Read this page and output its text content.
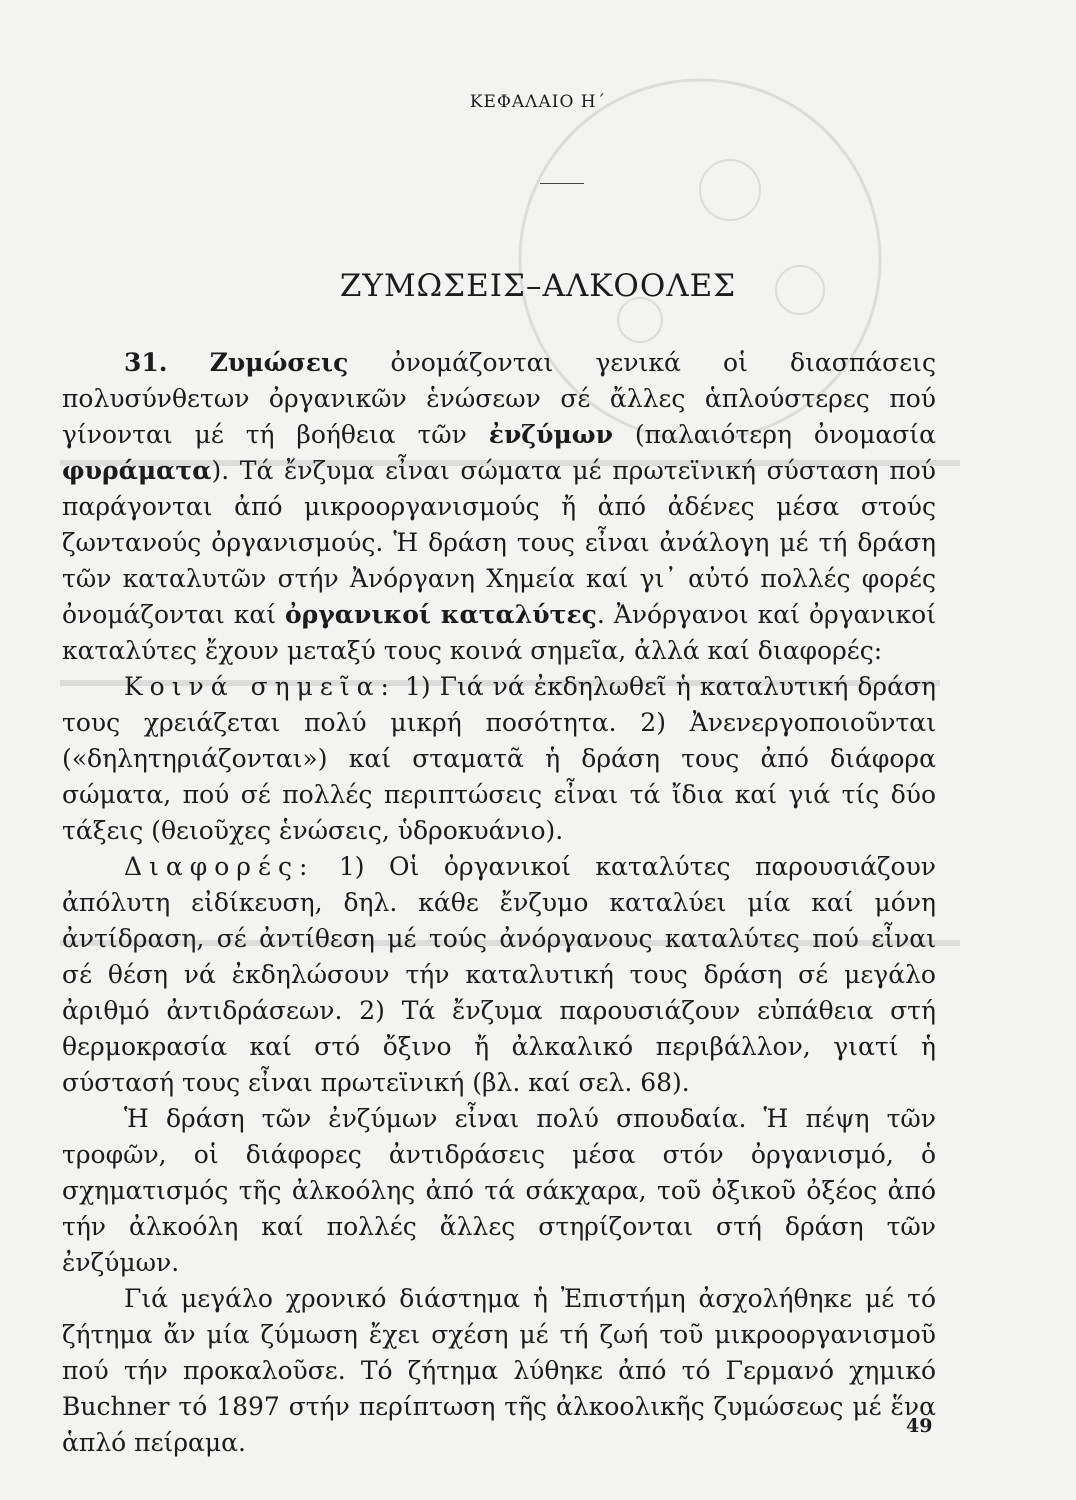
ΚΕΦΑΛΑΙΟ Η΄
ΖΥΜΩΣΕΙΣ–ΑΛΚΟΟΛΕΣ

31. Ζυμώσεις ὀνομάζονται γενικά οἱ διασπάσεις πολυσύνθετων ὀργανικῶν ἑνώσεων σέ ἄλλες ἁπλούστερες πού γίνονται μέ τή βοήθεια τῶν ἐνζύμων (παλαιότερη ὀνομασία φυράματα). Τά ἔνζυμα εἶναι σώματα μέ πρωτεϊνική σύσταση πού παράγονται ἀπό μικροοργανισμούς ἤ ἀπό ἀδένες μέσα στούς ζωντανούς ὀργανισμούς. Ἡ δράση τους εἶναι ἀνάλογη μέ τή δράση τῶν καταλυτῶν στήν Ἀνόργανη Χημεία καί γι᾿ αὐτό πολλές φορές ὀνομάζονται καί ὀργανικοί καταλύτες. Ἀνόργανοι καί ὀργανικοί καταλύτες ἔχουν μεταξύ τους κοινά σημεῖα, ἀλλά καί διαφορές:

Κοινά σημεῖα: 1) Γιά νά ἐκδηλωθεῖ ἡ καταλυτική δράση τους χρειάζεται πολύ μικρή ποσότητα. 2) Ἀνενεργοποιοῦνται («δηλητηριάζονται») καί σταματᾶ ἡ δράση τους ἀπό διάφορα σώματα, πού σέ πολλές περιπτώσεις εἶναι τά ἴδια καί γιά τίς δύο τάξεις (θειοῦχες ἑνώσεις, ὑδροκυάνιο).

Διαφορές: 1) Οἱ ὀργανικοί καταλύτες παρουσιάζουν ἀπόλυτη εἰδίκευση, δηλ. κάθε ἔνζυμο καταλύει μία καί μόνη ἀντίδραση, σέ ἀντίθεση μέ τούς ἀνόργανους καταλύτες πού εἶναι σέ θέση νά ἐκδηλώσουν τήν καταλυτική τους δράση σέ μεγάλο ἀριθμό ἀντιδράσεων. 2) Τά ἔνζυμα παρουσιάζουν εὐπάθεια στή θερμοκρασία καί στό ὄξινο ἤ ἀλκαλικό περιβάλλον, γιατί ἡ σύστασή τους εἶναι πρωτεϊνική (βλ. καί σελ. 68).

Ἡ δράση τῶν ἐνζύμων εἶναι πολύ σπουδαία. Ἡ πέψη τῶν τροφῶν, οἱ διάφορες ἀντιδράσεις μέσα στόν ὀργανισμό, ὁ σχηματισμός τῆς ἀλκοόλης ἀπό τά σάκχαρα, τοῦ ὀξικοῦ ὀξέος ἀπό τήν ἀλκοόλη καί πολλές ἄλλες στηρίζονται στή δράση τῶν ἐνζύμων.

Γιά μεγάλο χρονικό διάστημα ἡ Ἐπιστήμη ἀσχολήθηκε μέ τό ζήτημα ἄν μία ζύμωση ἔχει σχέση μέ τή ζωή τοῦ μικροοργανισμοῦ πού τήν προκαλοῦσε. Τό ζήτημα λύθηκε ἀπό τό Γερμανό χημικό Buchner τό 1897 στήν περίπτωση τῆς ἀλκοολικῆς ζυμώσεως μέ ἕνα ἁπλό πείραμα.

49
